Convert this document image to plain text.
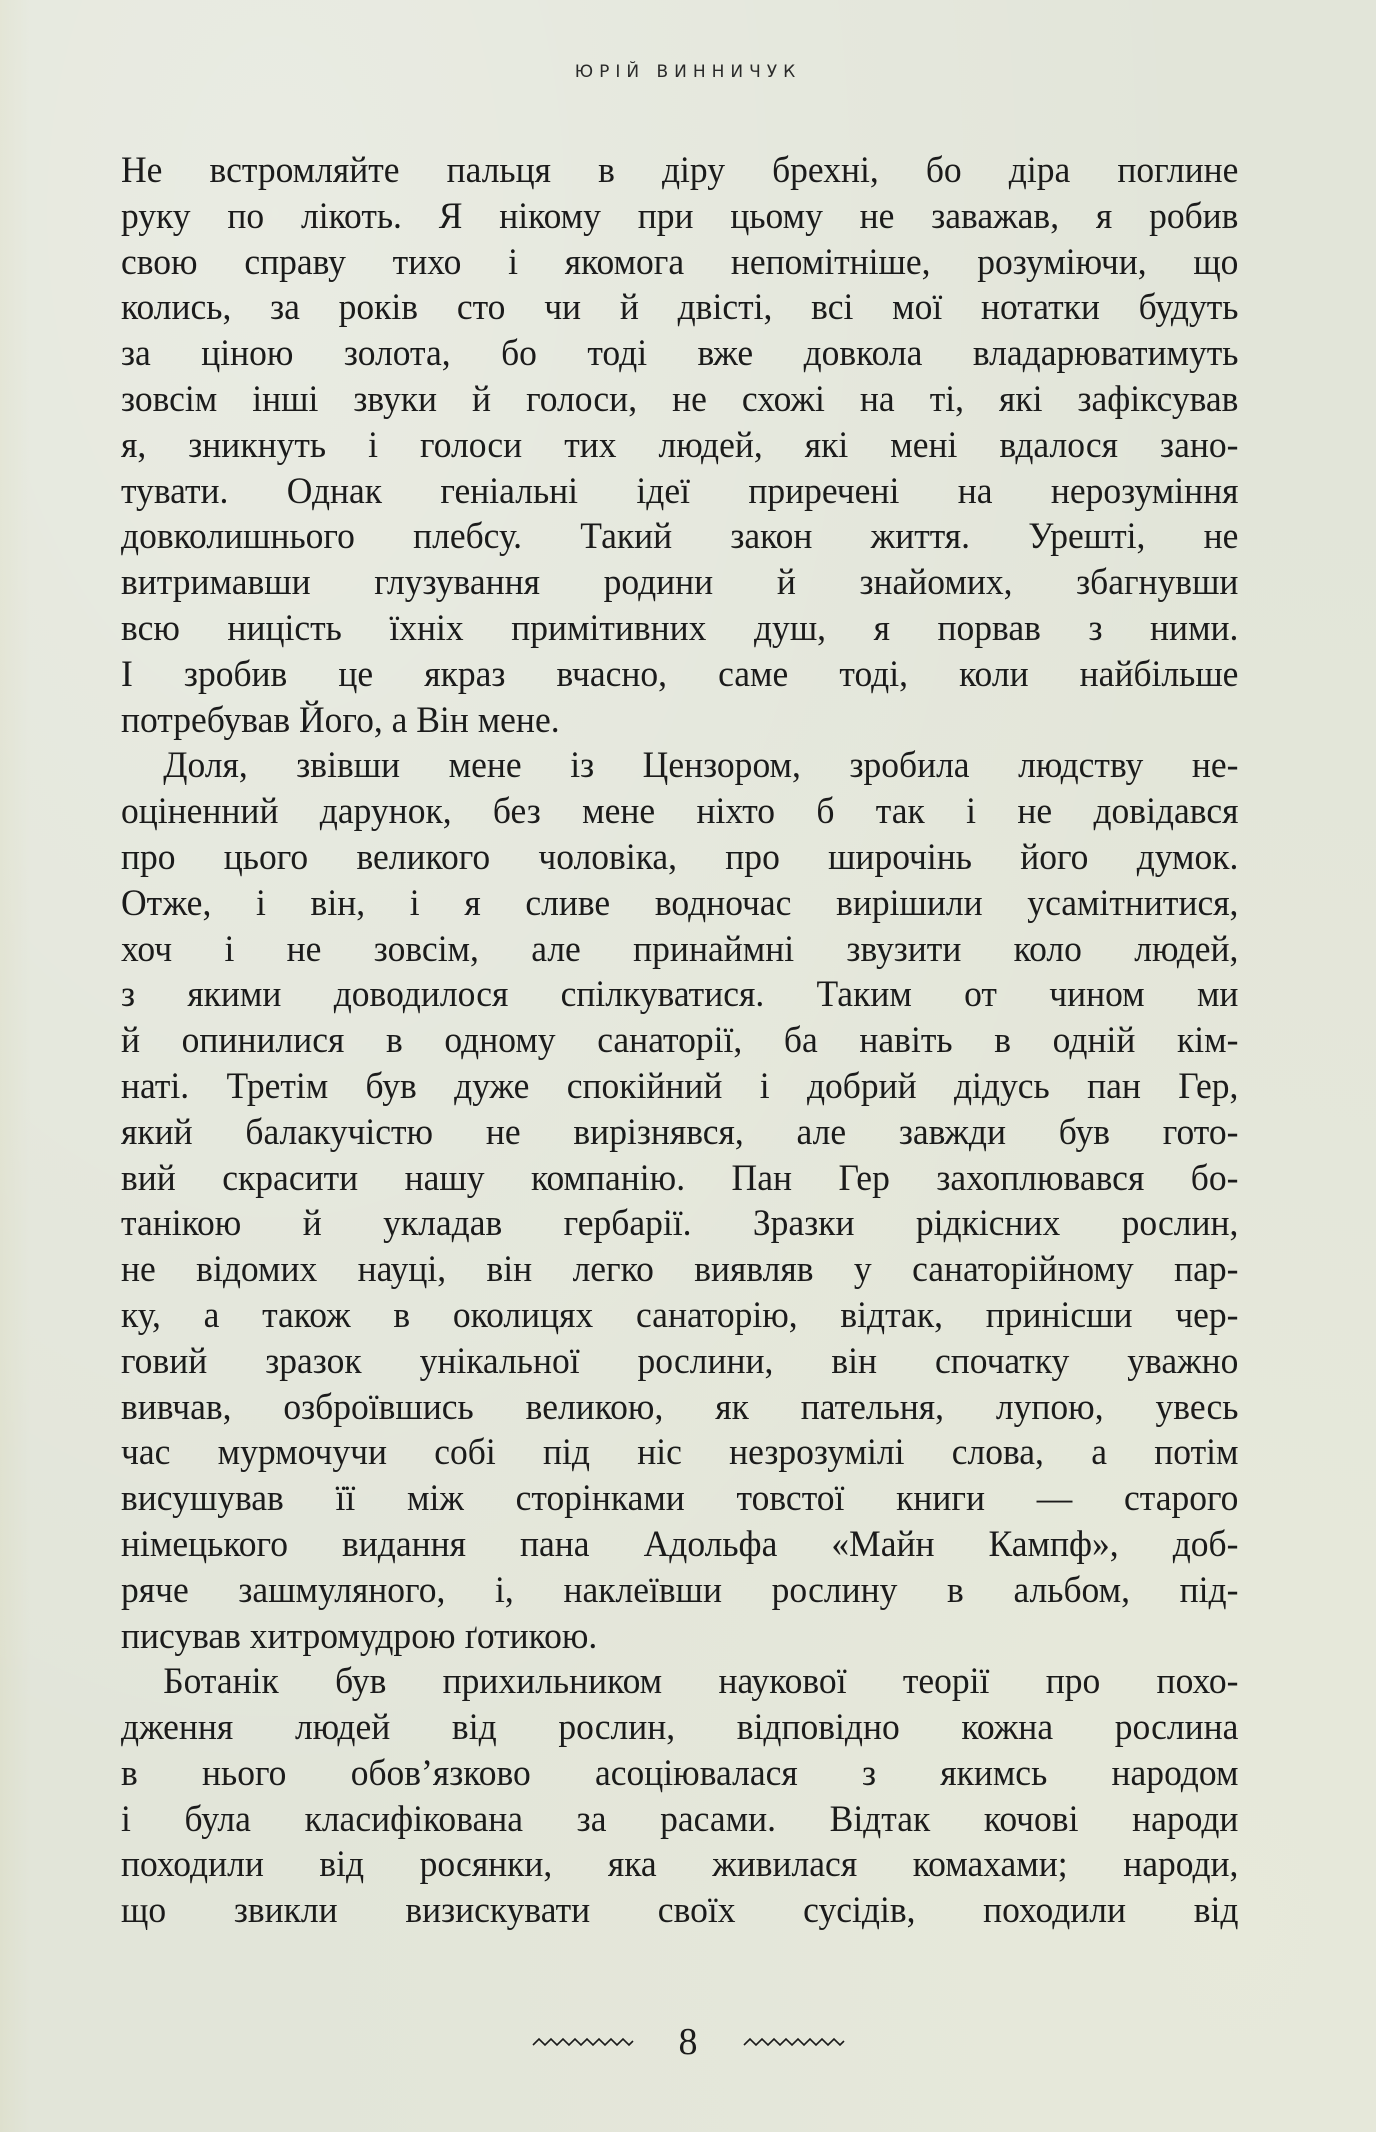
ЮРІЙ ВИННИЧУК
Не встромляйте пальця в діру брехні, бо діра поглине
руку по лікоть. Я нікому при цьому не заважав, я робив
свою справу тихо і якомога непомітніше, розуміючи, що
колись, за років сто чи й двісті, всі мої нотатки будуть
за ціною золота, бо тоді вже довкола владарюватимуть
зовсім інші звуки й голоси, не схожі на ті, які зафіксував
я, зникнуть і голоси тих людей, які мені вдалося зано-
тувати. Однак геніальні ідеї приречені на нерозуміння
довколишнього плебсу. Такий закон життя. Урешті, не
витримавши глузування родини й знайомих, збагнувши
всю ницість їхніх примітивних душ, я порвав з ними.
І зробив це якраз вчасно, саме тоді, коли найбільше
потребував Його, а Він мене.
Доля, звівши мене із Цензором, зробила людству не-
оціненний дарунок, без мене ніхто б так і не довідався
про цього великого чоловіка, про широчінь його думок.
Отже, і він, і я сливе водночас вирішили усамітнитися,
хоч і не зовсім, але принаймні звузити коло людей,
з якими доводилося спілкуватися. Таким от чином ми
й опинилися в одному санаторії, ба навіть в одній кім-
наті. Третім був дуже спокійний і добрий дідусь пан Гер,
який балакучістю не вирізнявся, але завжди був гото-
вий скрасити нашу компанію. Пан Гер захоплювався бо-
танікою й укладав гербарії. Зразки рідкісних рослин,
не відомих науці, він легко виявляв у санаторійному пар-
ку, а також в околицях санаторію, відтак, принісши чер-
говий зразок унікальної рослини, він спочатку уважно
вивчав, озброївшись великою, як пательня, лупою, увесь
час мурмочучи собі під ніс незрозумілі слова, а потім
висушував її між сторінками товстої книги — старого
німецького видання пана Адольфа «Майн Кампф», доб-
ряче зашмуляного, і, наклеївши рослину в альбом, під-
писував хитромудрою ґотикою.
Ботанік був прихильником наукової теорії про похо-
дження людей від рослин, відповідно кожна рослина
в нього обов’язково асоціювалася з якимсь народом
і була класифікована за расами. Відтак кочові народи
походили від росянки, яка живилася комахами; народи,
що звикли визискувати своїх сусідів, походили від
8
